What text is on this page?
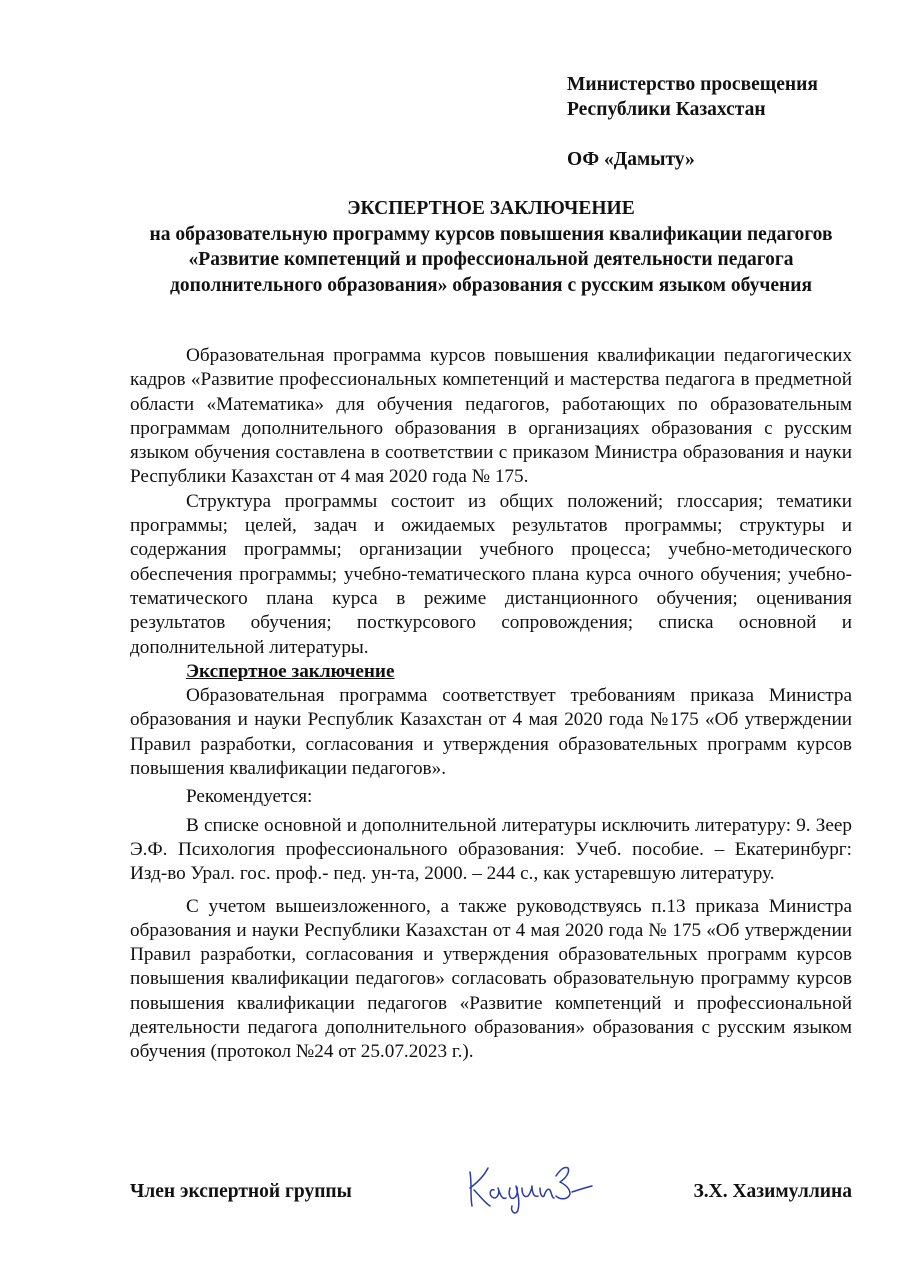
Министерство просвещения
Республики Казахстан
ОФ «Дамыту»
ЭКСПЕРТНОЕ ЗАКЛЮЧЕНИЕ
на образовательную программу курсов повышения квалификации педагогов «Развитие компетенций и профессиональной деятельности педагога дополнительного образования» образования с русским языком обучения

Образовательная программа курсов повышения квалификации педагогических кадров «Развитие профессиональных компетенций и мастерства педагога в предметной области «Математика» для обучения педагогов, работающих по образовательным программам дополнительного образования в организациях образования с русским языком обучения составлена в соответствии с приказом Министра образования и науки Республики Казахстан от 4 мая 2020 года № 175.

Структура программы состоит из общих положений; глоссария; тематики программы; целей, задач и ожидаемых результатов программы; структуры и содержания программы; организации учебного процесса; учебно-методического обеспечения программы; учебно-тематического плана курса очного обучения; учебно-тематического плана курса в режиме дистанционного обучения; оценивания результатов обучения; посткурсового сопровождения; списка основной и дополнительной литературы.

Экспертное заключение

Образовательная программа соответствует требованиям приказа Министра образования и науки Республик Казахстан от 4 мая 2020 года №175 «Об утверждении Правил разработки, согласования и утверждения образовательных программ курсов повышения квалификации педагогов».

Рекомендуется:

В списке основной и дополнительной литературы исключить литературу: 9. Зеер Э.Ф. Психология профессионального образования: Учеб. пособие. – Екатеринбург: Изд-во Урал. гос. проф.- пед. ун-та, 2000. – 244 с., как устаревшую литературу.

С учетом вышеизложенного, а также руководствуясь п.13 приказа Министра образования и науки Республики Казахстан от 4 мая 2020 года № 175 «Об утверждении Правил разработки, согласования и утверждения образовательных программ курсов повышения квалификации педагогов» согласовать образовательную программу курсов повышения квалификации педагогов «Развитие компетенций и профессиональной деятельности педагога дополнительного образования» образования с русским языком обучения (протокол №24 от 25.07.2023 г.).

Член экспертной группы	З.Х. Хазимуллина
